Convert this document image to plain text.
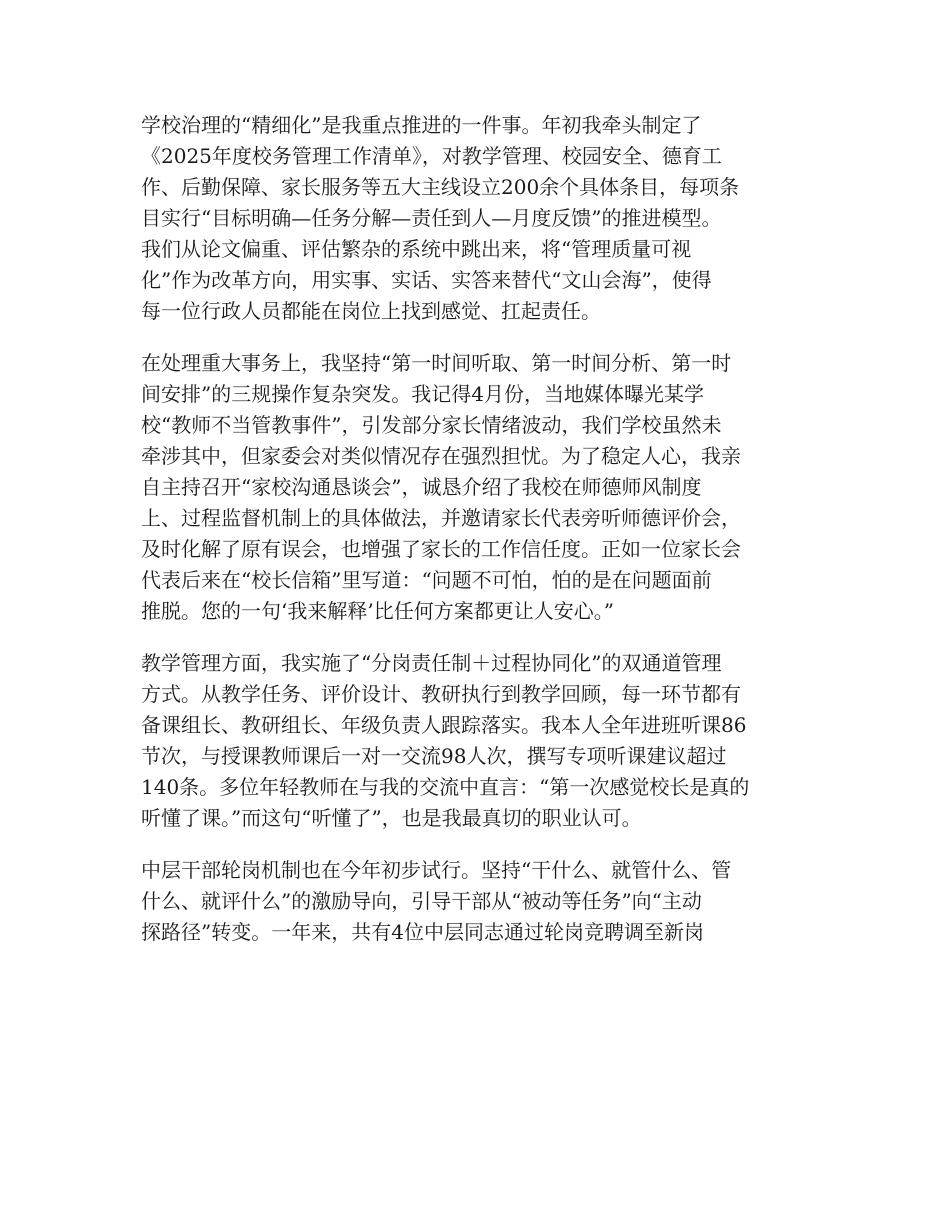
学校治理的“精细化”是我重点推进的一件事。年初我牵头制定了
《2025年度校务管理工作清单》，对教学管理、校园安全、德育工
作、后勤保障、家长服务等五大主线设立200余个具体条目，每项条
目实行“目标明确—任务分解—责任到人—月度反馈”的推进模型。
我们从论文偏重、评估繁杂的系统中跳出来，将“管理质量可视
化”作为改革方向，用实事、实话、实答来替代“文山会海”，使得
每一位行政人员都能在岗位上找到感觉、扛起责任。

在处理重大事务上，我坚持“第一时间听取、第一时间分析、第一时
间安排”的三规操作复杂突发。我记得4月份，当地媒体曝光某学
校“教师不当管教事件”，引发部分家长情绪波动，我们学校虽然未
牵涉其中，但家委会对类似情况存在强烈担忧。为了稳定人心，我亲
自主持召开“家校沟通恳谈会”，诚恳介绍了我校在师德师风制度
上、过程监督机制上的具体做法，并邀请家长代表旁听师德评价会，
及时化解了原有误会，也增强了家长的工作信任度。正如一位家长会
代表后来在“校长信箱”里写道：“问题不可怕，怕的是在问题面前
推脱。您的一句‘我来解释’比任何方案都更让人安心。”

教学管理方面，我实施了“分岗责任制＋过程协同化”的双通道管理
方式。从教学任务、评价设计、教研执行到教学回顾，每一环节都有
备课组长、教研组长、年级负责人跟踪落实。我本人全年进班听课86
节次，与授课教师课后一对一交流98人次，撰写专项听课建议超过
140条。多位年轻教师在与我的交流中直言：“第一次感觉校长是真的
听懂了课。”而这句“听懂了”，也是我最真切的职业认可。

中层干部轮岗机制也在今年初步试行。坚持“干什么、就管什么、管
什么、就评什么”的激励导向，引导干部从“被动等任务”向“主动
探路径”转变。一年来，共有4位中层同志通过轮岗竞聘调至新岗
